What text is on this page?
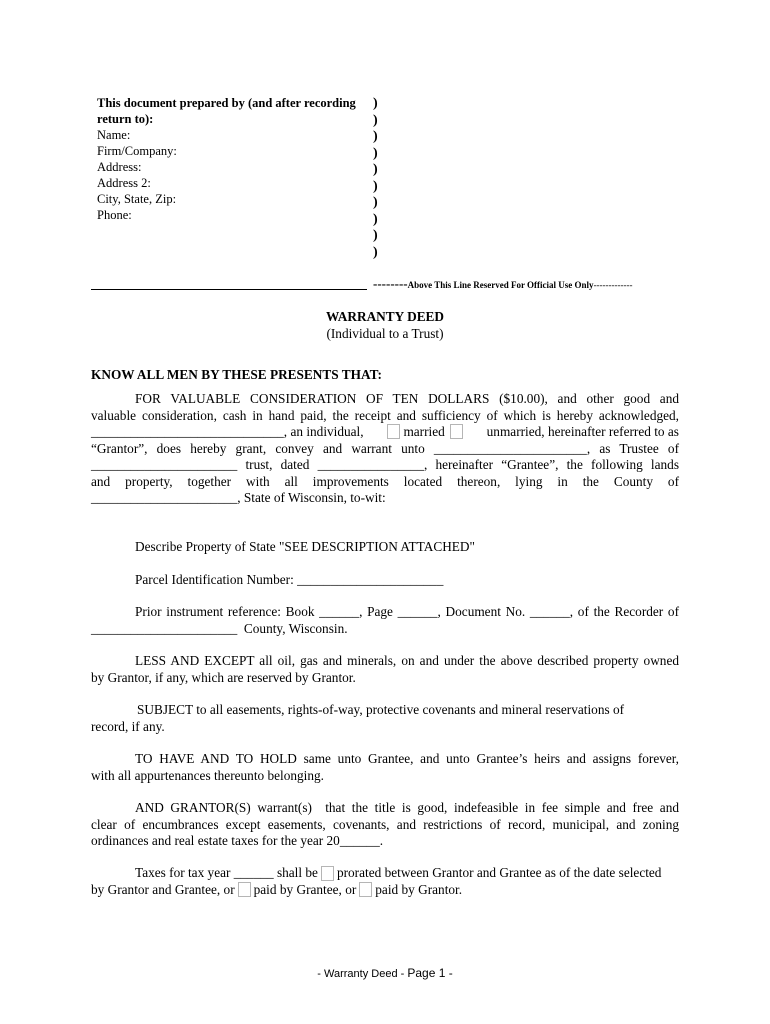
This document prepared by (and after recording
return to):
Name:
Firm/Company:
Address:
Address 2:
City, State, Zip:
Phone:
)
)
)
)
)
)
)
)
)
)
--------Above This Line Reserved For Official Use Only-------------
WARRANTY DEED
(Individual to a Trust)
KNOW ALL MEN BY THESE PRESENTS THAT:
FOR VALUABLE CONSIDERATION OF TEN DOLLARS ($10.00), and other good and
valuable consideration, cash in hand paid, the receipt and sufficiency of which is hereby acknowledged,
_____________________________, an individual,	married	unmarried, hereinafter referred to as
“Grantor”, does hereby grant, convey and warrant unto _______________________, as Trustee of
______________________ trust, dated ________________, hereinafter “Grantee”, the following lands
and property, together with all improvements located thereon, lying in the County of
______________________, State of Wisconsin, to-wit:
Describe Property of State "SEE DESCRIPTION ATTACHED"
Parcel Identification Number: ______________________
Prior instrument reference: Book ______, Page ______, Document No. ______, of the Recorder of
______________________  County, Wisconsin.
LESS AND EXCEPT all oil, gas and minerals, on and under the above described property owned
by Grantor, if any, which are reserved by Grantor.
SUBJECT to all easements, rights-of-way, protective covenants and mineral reservations of
record, if any.
TO HAVE AND TO HOLD same unto Grantee, and unto Grantee’s heirs and assigns forever,
with all appurtenances thereunto belonging.
AND GRANTOR(S) warrant(s)  that the title is good, indefeasible in fee simple and free and
clear of encumbrances except easements, covenants, and restrictions of record, municipal, and zoning
ordinances and real estate taxes for the year 20______.
Taxes for tax year ______ shall be prorated between Grantor and Grantee as of the date selected
by Grantor and Grantee, or paid by Grantee, or paid by Grantor.
- Warranty Deed - Page 1 -
